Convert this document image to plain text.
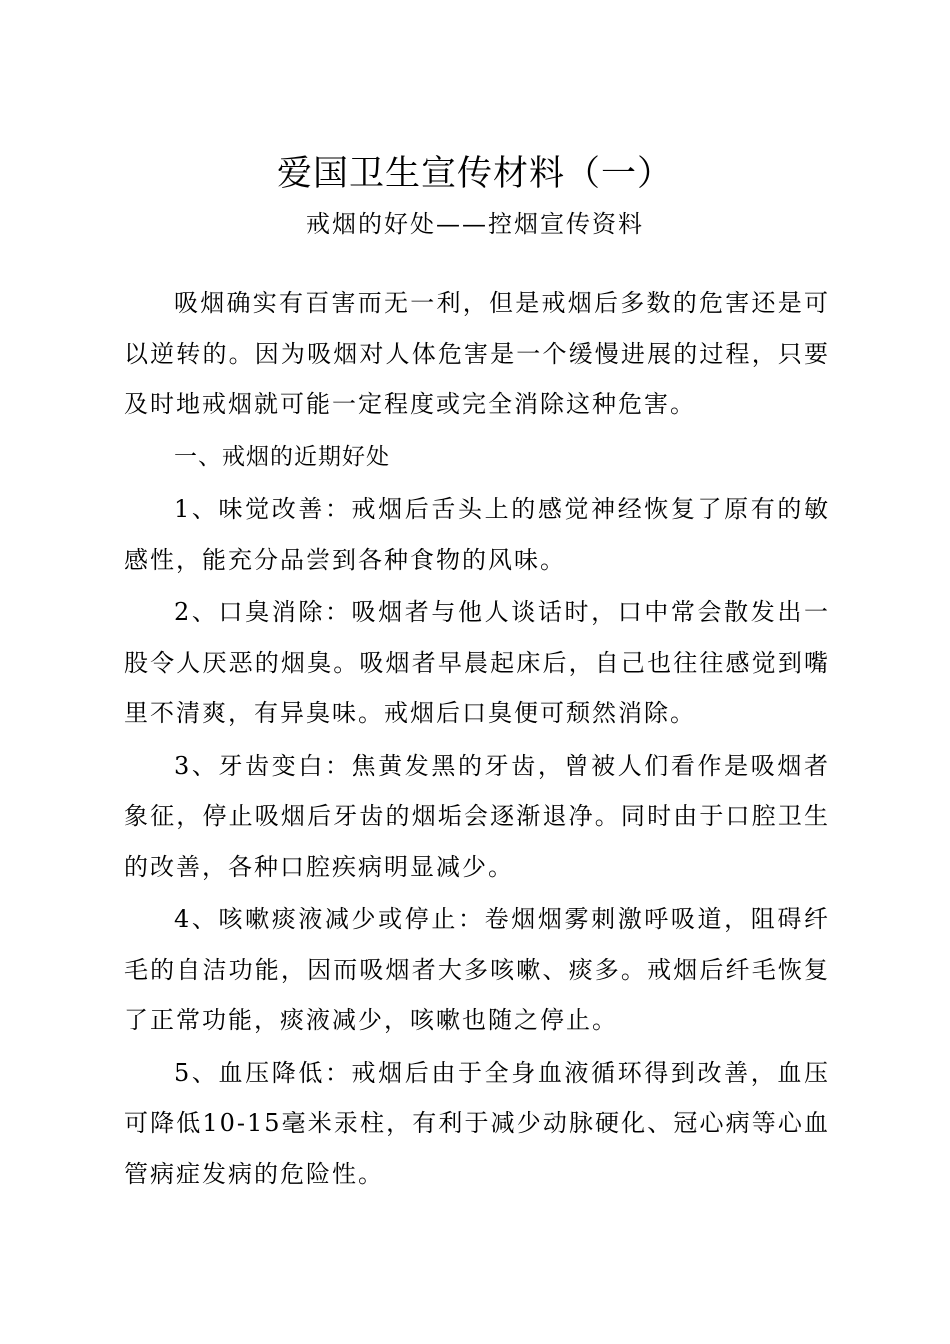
爱国卫生宣传材料（一）

戒烟的好处——控烟宣传资料

吸烟确实有百害而无一利，但是戒烟后多数的危害还是可以逆转的。因为吸烟对人体危害是一个缓慢进展的过程，只要及时地戒烟就可能一定程度或完全消除这种危害。

一、戒烟的近期好处

1、味觉改善：戒烟后舌头上的感觉神经恢复了原有的敏感性，能充分品尝到各种食物的风味。

2、口臭消除：吸烟者与他人谈话时，口中常会散发出一股令人厌恶的烟臭。吸烟者早晨起床后，自己也往往感觉到嘴里不清爽，有异臭味。戒烟后口臭便可颓然消除。

3、牙齿变白：焦黄发黑的牙齿，曾被人们看作是吸烟者象征，停止吸烟后牙齿的烟垢会逐渐退净。同时由于口腔卫生的改善，各种口腔疾病明显减少。

4、咳嗽痰液减少或停止：卷烟烟雾刺激呼吸道，阻碍纤毛的自洁功能，因而吸烟者大多咳嗽、痰多。戒烟后纤毛恢复了正常功能，痰液减少，咳嗽也随之停止。

5、血压降低：戒烟后由于全身血液循环得到改善，血压可降低10-15毫米汞柱，有利于减少动脉硬化、冠心病等心血管病症发病的危险性。
